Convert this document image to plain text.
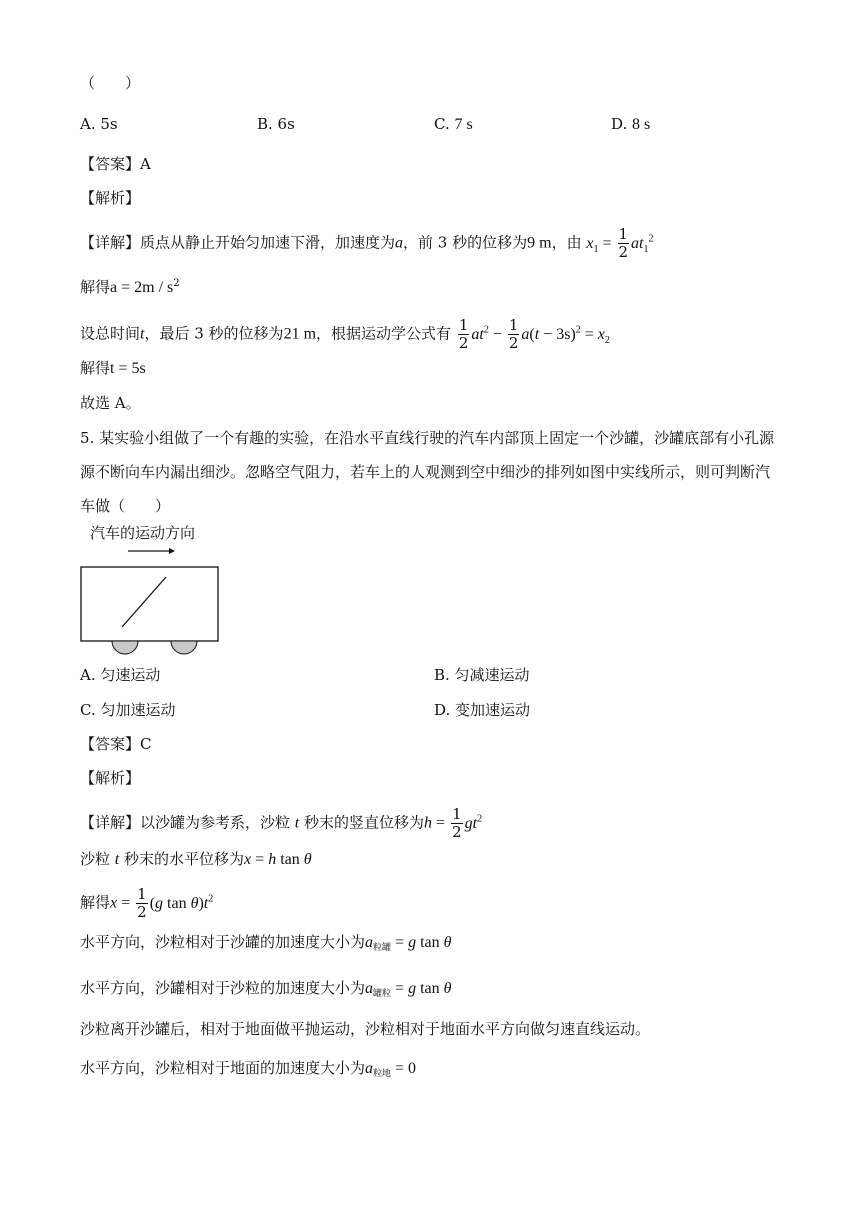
（　　）
A. 5s	B. 6s	C. 7 s	D. 8 s
【答案】A
【解析】
【详解】质点从静止开始匀加速下滑，加速度为a，前 3 秒的位移为9 m，由 $x_1 = \frac{1}{2} at_1^2$
解得$a = 2m / s^2$
设总时间t，最后 3 秒的位移为21 m，根据运动学公式有 $\frac{1}{2} at^2 - \frac{1}{2} a(t - 3s)^2 = x_2$
解得t = 5s
故选 A。
5. 某实验小组做了一个有趣的实验，在沿水平直线行驶的汽车内部顶上固定一个沙罐，沙罐底部有小孔源
源不断向车内漏出细沙。忽略空气阻力，若车上的人观测到空中细沙的排列如图中实线所示，则可判断汽
车做（　　）
汽车的运动方向
A. 匀速运动	B. 匀减速运动
C. 匀加速运动	D. 变加速运动
【答案】C
【解析】
【详解】以沙罐为参考系，沙粒 t 秒末的竖直位移为$h = \frac{1}{2} gt^2$
沙粒 t 秒末的水平位移为x = h tan θ
解得$x = \frac{1}{2} (g$ $\tan \theta)t^2$
水平方向，沙粒相对于沙罐的加速度大小为$a_{粒罐} = g$ tan θ
水平方向，沙罐相对于沙粒的加速度大小为$a_{罐粒} = g$ tan θ
沙粒离开沙罐后，相对于地面做平抛运动，沙粒相对于地面水平方向做匀速直线运动。
水平方向，沙粒相对于地面的加速度大小为$a_{粒地} = 0$
